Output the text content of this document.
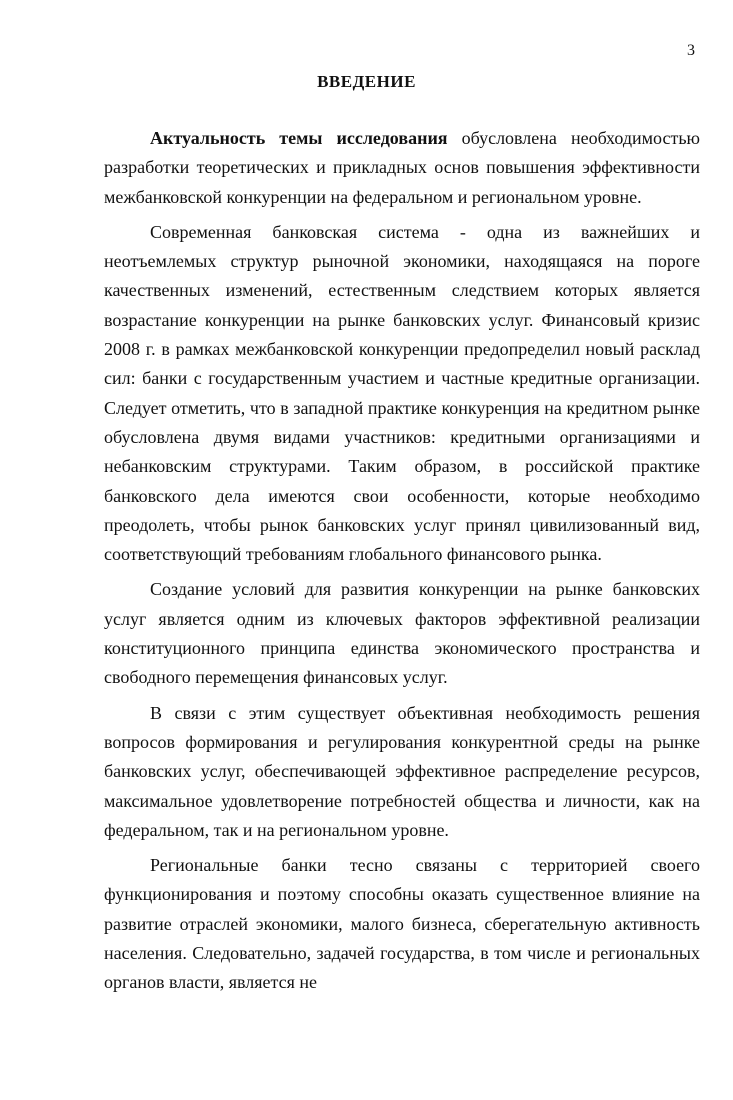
3
ВВЕДЕНИЕ

Актуальность темы исследования обусловлена необходимостью разработки теоретических и прикладных основ повышения эффективности межбанковской конкуренции на федеральном и региональном уровне.

Современная банковская система - одна из важнейших и неотъемлемых структур рыночной экономики, находящаяся на пороге качественных изменений, естественным следствием которых является возрастание конкуренции на рынке банковских услуг. Финансовый кризис 2008 г. в рамках межбанковской конкуренции предопределил новый расклад сил: банки с государственным участием и частные кредитные организации. Следует отметить, что в западной практике конкуренция на кредитном рынке обусловлена двумя видами участников: кредитными организациями и небанковским структурами. Таким образом, в российской практике банковского дела имеются свои особенности, которые необходимо преодолеть, чтобы рынок банковских услуг принял цивилизованный вид, соответствующий требованиям глобального финансового рынка.

Создание условий для развития конкуренции на рынке банковских услуг является одним из ключевых факторов эффективной реализации конституционного принципа единства экономического пространства и свободного перемещения финансовых услуг.

В связи с этим существует объективная необходимость решения вопросов формирования и регулирования конкурентной среды на рынке банковских услуг, обеспечивающей эффективное распределение ресурсов, максимальное удовлетворение потребностей общества и личности, как на федеральном, так и на региональном уровне.

Региональные банки тесно связаны с территорией своего функционирования и поэтому способны оказать существенное влияние на развитие отраслей экономики, малого бизнеса, сберегательную активность населения. Следовательно, задачей государства, в том числе и региональных органов власти, является не
